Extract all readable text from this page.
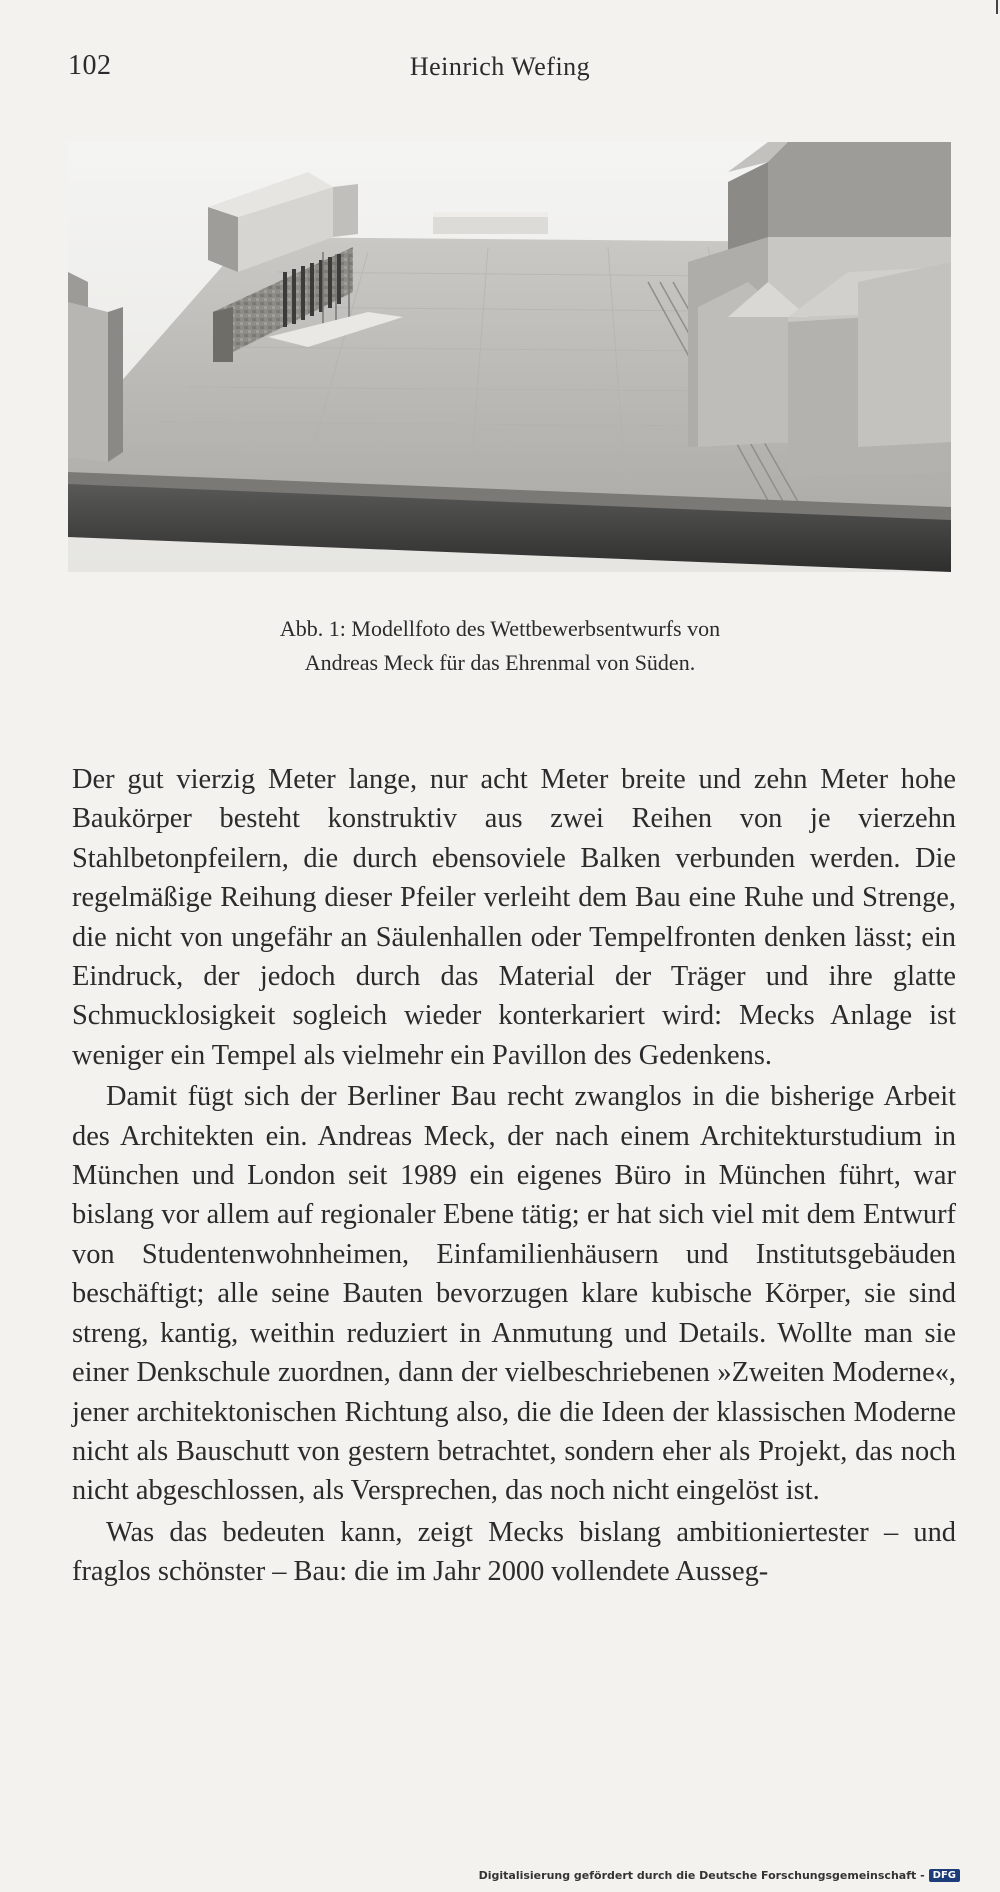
102	Heinrich Wefing
Abb. 1: Modellfoto des Wettbewerbsentwurfs von
Andreas Meck für das Ehrenmal von Süden.

Der gut vierzig Meter lange, nur acht Meter breite und zehn Meter hohe Baukörper besteht konstruktiv aus zwei Reihen von je vierzehn Stahlbetonpfeilern, die durch ebensoviele Balken verbunden werden. Die regelmäßige Reihung dieser Pfeiler verleiht dem Bau eine Ruhe und Strenge, die nicht von ungefähr an Säulenhallen oder Tempelfronten denken lässt; ein Eindruck, der jedoch durch das Material der Träger und ihre glatte Schmucklosigkeit sogleich wieder konterkariert wird: Mecks Anlage ist weniger ein Tempel als vielmehr ein Pavillon des Gedenkens.

Damit fügt sich der Berliner Bau recht zwanglos in die bisherige Arbeit des Architekten ein. Andreas Meck, der nach einem Architekturstudium in München und London seit 1989 ein eigenes Büro in München führt, war bislang vor allem auf regionaler Ebene tätig; er hat sich viel mit dem Entwurf von Studentenwohnheimen, Einfamilienhäusern und Institutsgebäuden beschäftigt; alle seine Bauten bevorzugen klare kubische Körper, sie sind streng, kantig, weithin reduziert in Anmutung und Details. Wollte man sie einer Denkschule zuordnen, dann der vielbeschriebenen »Zweiten Moderne«, jener architektonischen Richtung also, die die Ideen der klassischen Moderne nicht als Bauschutt von gestern betrachtet, sondern eher als Projekt, das noch nicht abgeschlossen, als Versprechen, das noch nicht eingelöst ist.

Was das bedeuten kann, zeigt Mecks bislang ambitioniertester – und fraglos schönster – Bau: die im Jahr 2000 vollendete Ausseg-

Digitalisierung gefördert durch die Deutsche Forschungsgemeinschaft - DFG
